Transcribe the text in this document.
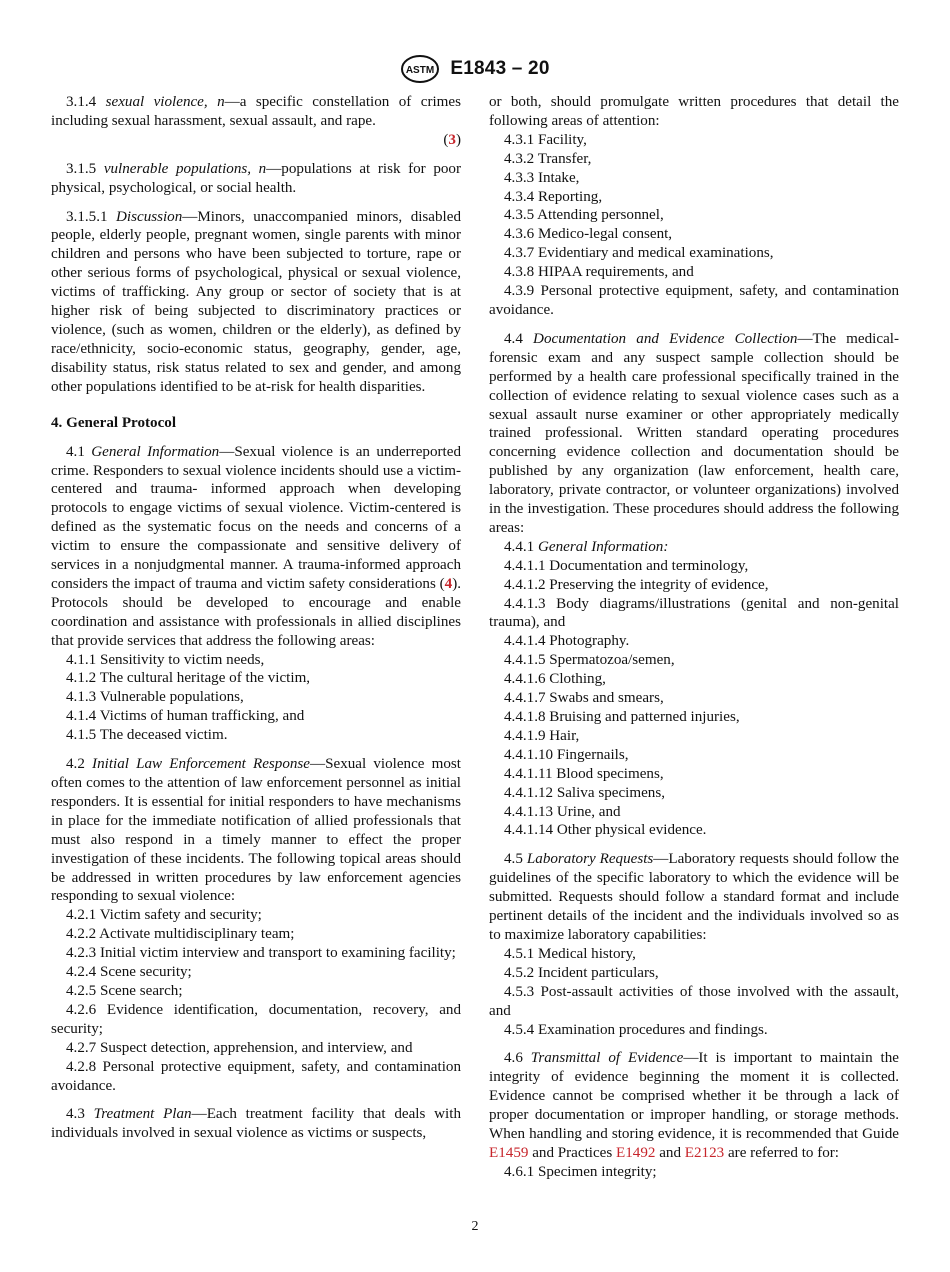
ASTM E1843 – 20

3.1.4 sexual violence, n—a specific constellation of crimes including sexual harassment, sexual assault, and rape.

(3)

3.1.5 vulnerable populations, n—populations at risk for poor physical, psychological, or social health.

3.1.5.1 Discussion—Minors, unaccompanied minors, disabled people, elderly people, pregnant women, single parents with minor children and persons who have been subjected to torture, rape or other serious forms of psychological, physical or sexual violence, victims of trafficking. Any group or sector of society that is at higher risk of being subjected to discriminatory practices or violence, (such as women, children or the elderly), as defined by race/ethnicity, socio-economic status, geography, gender, age, disability status, risk status related to sex and gender, and among other populations identified to be at-risk for health disparities.

4. General Protocol

4.1 General Information—Sexual violence is an underreported crime. Responders to sexual violence incidents should use a victim-centered and trauma- informed approach when developing protocols to engage victims of sexual violence. Victim-centered is defined as the systematic focus on the needs and concerns of a victim to ensure the compassionate and sensitive delivery of services in a nonjudgmental manner. A trauma-informed approach considers the impact of trauma and victim safety considerations (4). Protocols should be developed to encourage and enable coordination and assistance with professionals in allied disciplines that provide services that address the following areas:

4.1.1 Sensitivity to victim needs,

4.1.2 The cultural heritage of the victim,

4.1.3 Vulnerable populations,

4.1.4 Victims of human trafficking, and

4.1.5 The deceased victim.

4.2 Initial Law Enforcement Response—Sexual violence most often comes to the attention of law enforcement personnel as initial responders. It is essential for initial responders to have mechanisms in place for the immediate notification of allied professionals that must also respond in a timely manner to effect the proper investigation of these incidents. The following topical areas should be addressed in written procedures by law enforcement agencies responding to sexual violence:

4.2.1 Victim safety and security;

4.2.2 Activate multidisciplinary team;

4.2.3 Initial victim interview and transport to examining facility;

4.2.4 Scene security;

4.2.5 Scene search;

4.2.6 Evidence identification, documentation, recovery, and security;

4.2.7 Suspect detection, apprehension, and interview, and

4.2.8 Personal protective equipment, safety, and contamination avoidance.

4.3 Treatment Plan—Each treatment facility that deals with individuals involved in sexual violence as victims or suspects,

or both, should promulgate written procedures that detail the following areas of attention:

4.3.1 Facility,

4.3.2 Transfer,

4.3.3 Intake,

4.3.4 Reporting,

4.3.5 Attending personnel,

4.3.6 Medico-legal consent,

4.3.7 Evidentiary and medical examinations,

4.3.8 HIPAA requirements, and

4.3.9 Personal protective equipment, safety, and contamination avoidance.

4.4 Documentation and Evidence Collection—The medical-forensic exam and any suspect sample collection should be performed by a health care professional specifically trained in the collection of evidence relating to sexual violence cases such as a sexual assault nurse examiner or other appropriately medically trained professional. Written standard operating procedures concerning evidence collection and documentation should be published by any organization (law enforcement, health care, laboratory, private contractor, or volunteer organizations) involved in the investigation. These procedures should address the following areas:

4.4.1 General Information:

4.4.1.1 Documentation and terminology,

4.4.1.2 Preserving the integrity of evidence,

4.4.1.3 Body diagrams/illustrations (genital and non-genital trauma), and

4.4.1.4 Photography.

4.4.1.5 Spermatozoa/semen,

4.4.1.6 Clothing,

4.4.1.7 Swabs and smears,

4.4.1.8 Bruising and patterned injuries,

4.4.1.9 Hair,

4.4.1.10 Fingernails,

4.4.1.11 Blood specimens,

4.4.1.12 Saliva specimens,

4.4.1.13 Urine, and

4.4.1.14 Other physical evidence.

4.5 Laboratory Requests—Laboratory requests should follow the guidelines of the specific laboratory to which the evidence will be submitted. Requests should follow a standard format and include pertinent details of the incident and the individuals involved so as to maximize laboratory capabilities:

4.5.1 Medical history,

4.5.2 Incident particulars,

4.5.3 Post-assault activities of those involved with the assault, and

4.5.4 Examination procedures and findings.

4.6 Transmittal of Evidence—It is important to maintain the integrity of evidence beginning the moment it is collected. Evidence cannot be comprised whether it be through a lack of proper documentation or improper handling, or storage methods. When handling and storing evidence, it is recommended that Guide E1459 and Practices E1492 and E2123 are referred to for:

4.6.1 Specimen integrity;

2
